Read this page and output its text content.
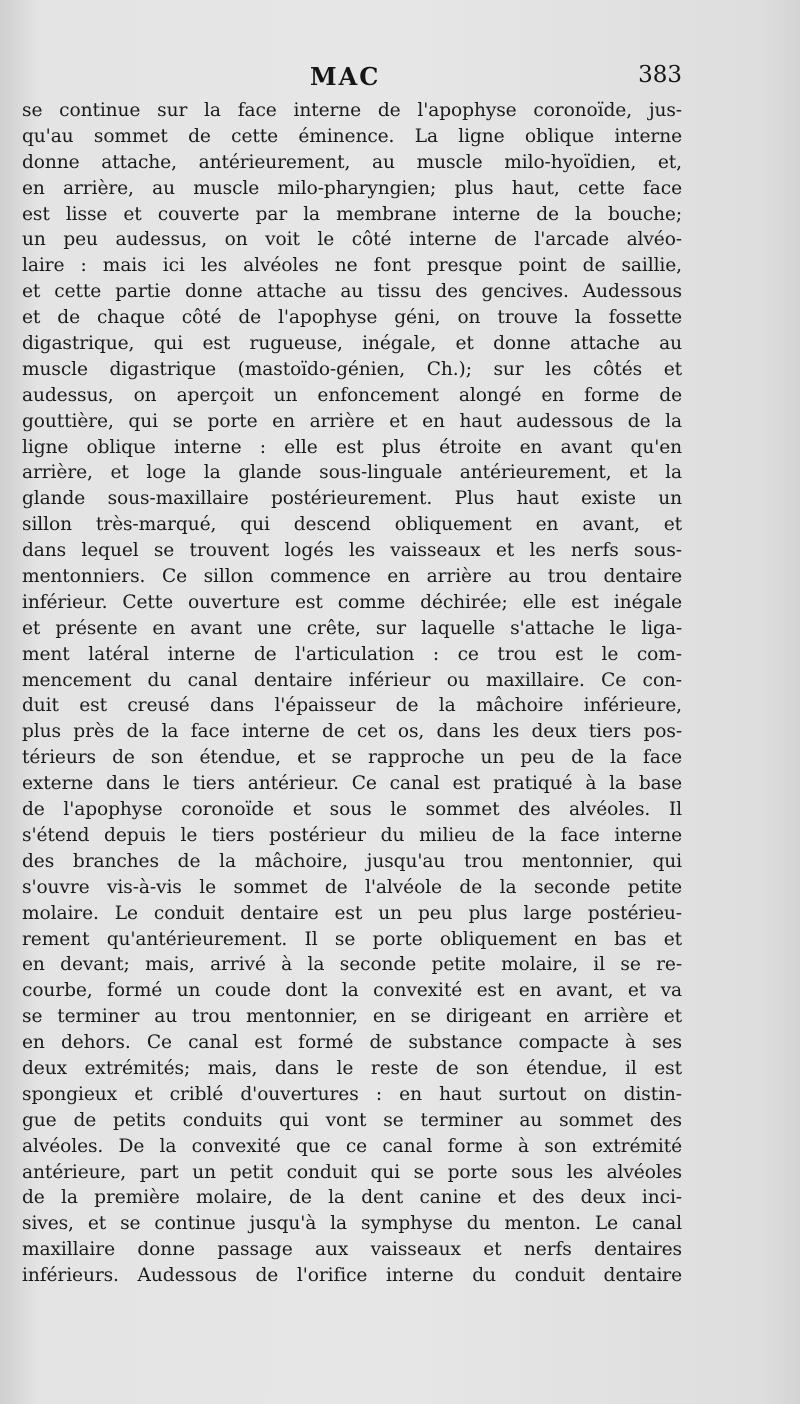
MAC	383
se continue sur la face interne de l'apophyse coronoïde, jus-
qu'au sommet de cette éminence. La ligne oblique interne
donne attache, antérieurement, au muscle milo-hyoïdien, et,
en arrière, au muscle milo-pharyngien; plus haut, cette face
est lisse et couverte par la membrane interne de la bouche;
un peu audessus, on voit le côté interne de l'arcade alvéo-
laire : mais ici les alvéoles ne font presque point de saillie,
et cette partie donne attache au tissu des gencives. Audessous
et de chaque côté de l'apophyse géni, on trouve la fossette
digastrique, qui est rugueuse, inégale, et donne attache au
muscle digastrique (mastoïdo-génien, Ch.); sur les côtés et
audessus, on aperçoit un enfoncement alongé en forme de
gouttière, qui se porte en arrière et en haut audessous de la
ligne oblique interne : elle est plus étroite en avant qu'en
arrière, et loge la glande sous-linguale antérieurement, et la
glande sous-maxillaire postérieurement. Plus haut existe un
sillon très-marqué, qui descend obliquement en avant, et
dans lequel se trouvent logés les vaisseaux et les nerfs sous-
mentonniers. Ce sillon commence en arrière au trou dentaire
inférieur. Cette ouverture est comme déchirée; elle est inégale
et présente en avant une crête, sur laquelle s'attache le liga-
ment latéral interne de l'articulation : ce trou est le com-
mencement du canal dentaire inférieur ou maxillaire. Ce con-
duit est creusé dans l'épaisseur de la mâchoire inférieure,
plus près de la face interne de cet os, dans les deux tiers pos-
térieurs de son étendue, et se rapproche un peu de la face
externe dans le tiers antérieur. Ce canal est pratiqué à la base
de l'apophyse coronoïde et sous le sommet des alvéoles. Il
s'étend depuis le tiers postérieur du milieu de la face interne
des branches de la mâchoire, jusqu'au trou mentonnier, qui
s'ouvre vis-à-vis le sommet de l'alvéole de la seconde petite
molaire. Le conduit dentaire est un peu plus large postérieu-
rement qu'antérieurement. Il se porte obliquement en bas et
en devant; mais, arrivé à la seconde petite molaire, il se re-
courbe, formé un coude dont la convexité est en avant, et va
se terminer au trou mentonnier, en se dirigeant en arrière et
en dehors. Ce canal est formé de substance compacte à ses
deux extrémités; mais, dans le reste de son étendue, il est
spongieux et criblé d'ouvertures : en haut surtout on distin-
gue de petits conduits qui vont se terminer au sommet des
alvéoles. De la convexité que ce canal forme à son extrémité
antérieure, part un petit conduit qui se porte sous les alvéoles
de la première molaire, de la dent canine et des deux inci-
sives, et se continue jusqu'à la symphyse du menton. Le canal
maxillaire donne passage aux vaisseaux et nerfs dentaires
inférieurs. Audessous de l'orifice interne du conduit dentaire
